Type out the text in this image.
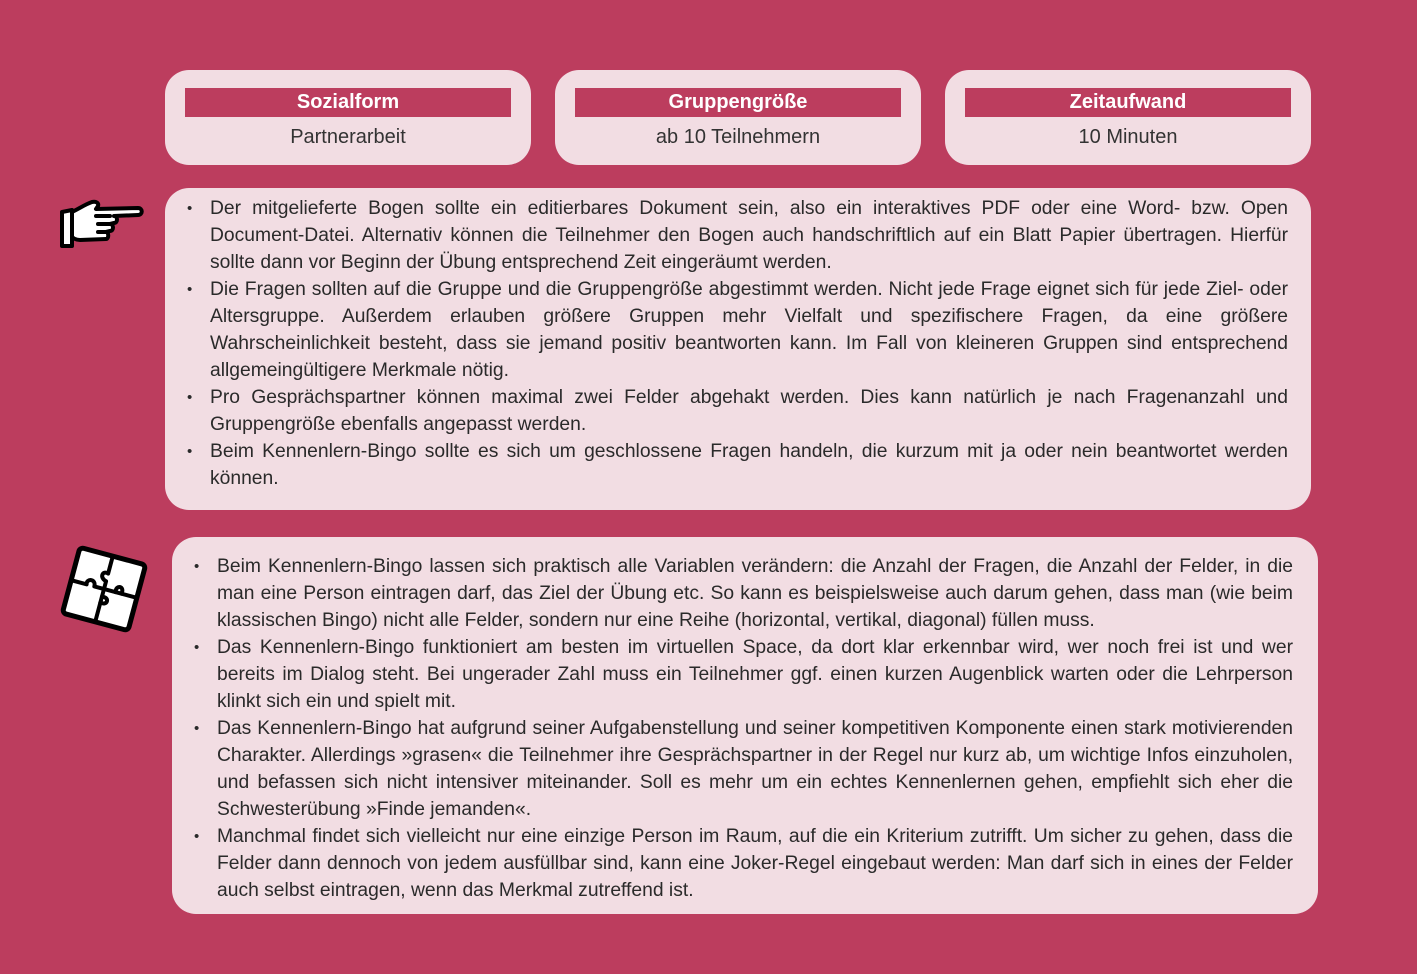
Sozialform
Partnerarbeit
Gruppengröße
ab 10 Teilnehmern
Zeitaufwand
10 Minuten
• Der mitgelieferte Bogen sollte ein editierbares Dokument sein, also ein interaktives PDF oder eine Word- bzw. Open Document-Datei. Alternativ können die Teilnehmer den Bogen auch handschriftlich auf ein Blatt Papier übertragen. Hierfür sollte dann vor Beginn der Übung entsprechend Zeit eingeräumt werden.
• Die Fragen sollten auf die Gruppe und die Gruppengröße abgestimmt werden. Nicht jede Frage eignet sich für jede Ziel- oder Altersgruppe. Außerdem erlauben größere Gruppen mehr Vielfalt und spezifischere Fragen, da eine größere Wahrscheinlichkeit besteht, dass sie jemand positiv beantworten kann. Im Fall von kleineren Gruppen sind entsprechend allgemeingültigere Merkmale nötig.
• Pro Gesprächspartner können maximal zwei Felder abgehakt werden. Dies kann natürlich je nach Fragenanzahl und Gruppengröße ebenfalls angepasst werden.
• Beim Kennenlern-Bingo sollte es sich um geschlossene Fragen handeln, die kurzum mit ja oder nein beantwortet werden können.
• Beim Kennenlern-Bingo lassen sich praktisch alle Variablen verändern: die Anzahl der Fragen, die Anzahl der Felder, in die man eine Person eintragen darf, das Ziel der Übung etc. So kann es beispielsweise auch darum gehen, dass man (wie beim klassischen Bingo) nicht alle Felder, sondern nur eine Reihe (horizontal, vertikal, diagonal) füllen muss.
• Das Kennenlern-Bingo funktioniert am besten im virtuellen Space, da dort klar erkennbar wird, wer noch frei ist und wer bereits im Dialog steht. Bei ungerader Zahl muss ein Teilnehmer ggf. einen kurzen Augenblick warten oder die Lehrperson klinkt sich ein und spielt mit.
• Das Kennenlern-Bingo hat aufgrund seiner Aufgabenstellung und seiner kompetitiven Komponente einen stark motivierenden Charakter. Allerdings »grasen« die Teilnehmer ihre Gesprächspartner in der Regel nur kurz ab, um wichtige Infos einzuholen, und befassen sich nicht intensiver miteinander. Soll es mehr um ein echtes Kennenlernen gehen, empfiehlt sich eher die Schwesterübung »Finde jemanden«.
• Manchmal findet sich vielleicht nur eine einzige Person im Raum, auf die ein Kriterium zutrifft. Um sicher zu gehen, dass die Felder dann dennoch von jedem ausfüllbar sind, kann eine Joker-Regel eingebaut werden: Man darf sich in eines der Felder auch selbst eintragen, wenn das Merkmal zutreffend ist.
